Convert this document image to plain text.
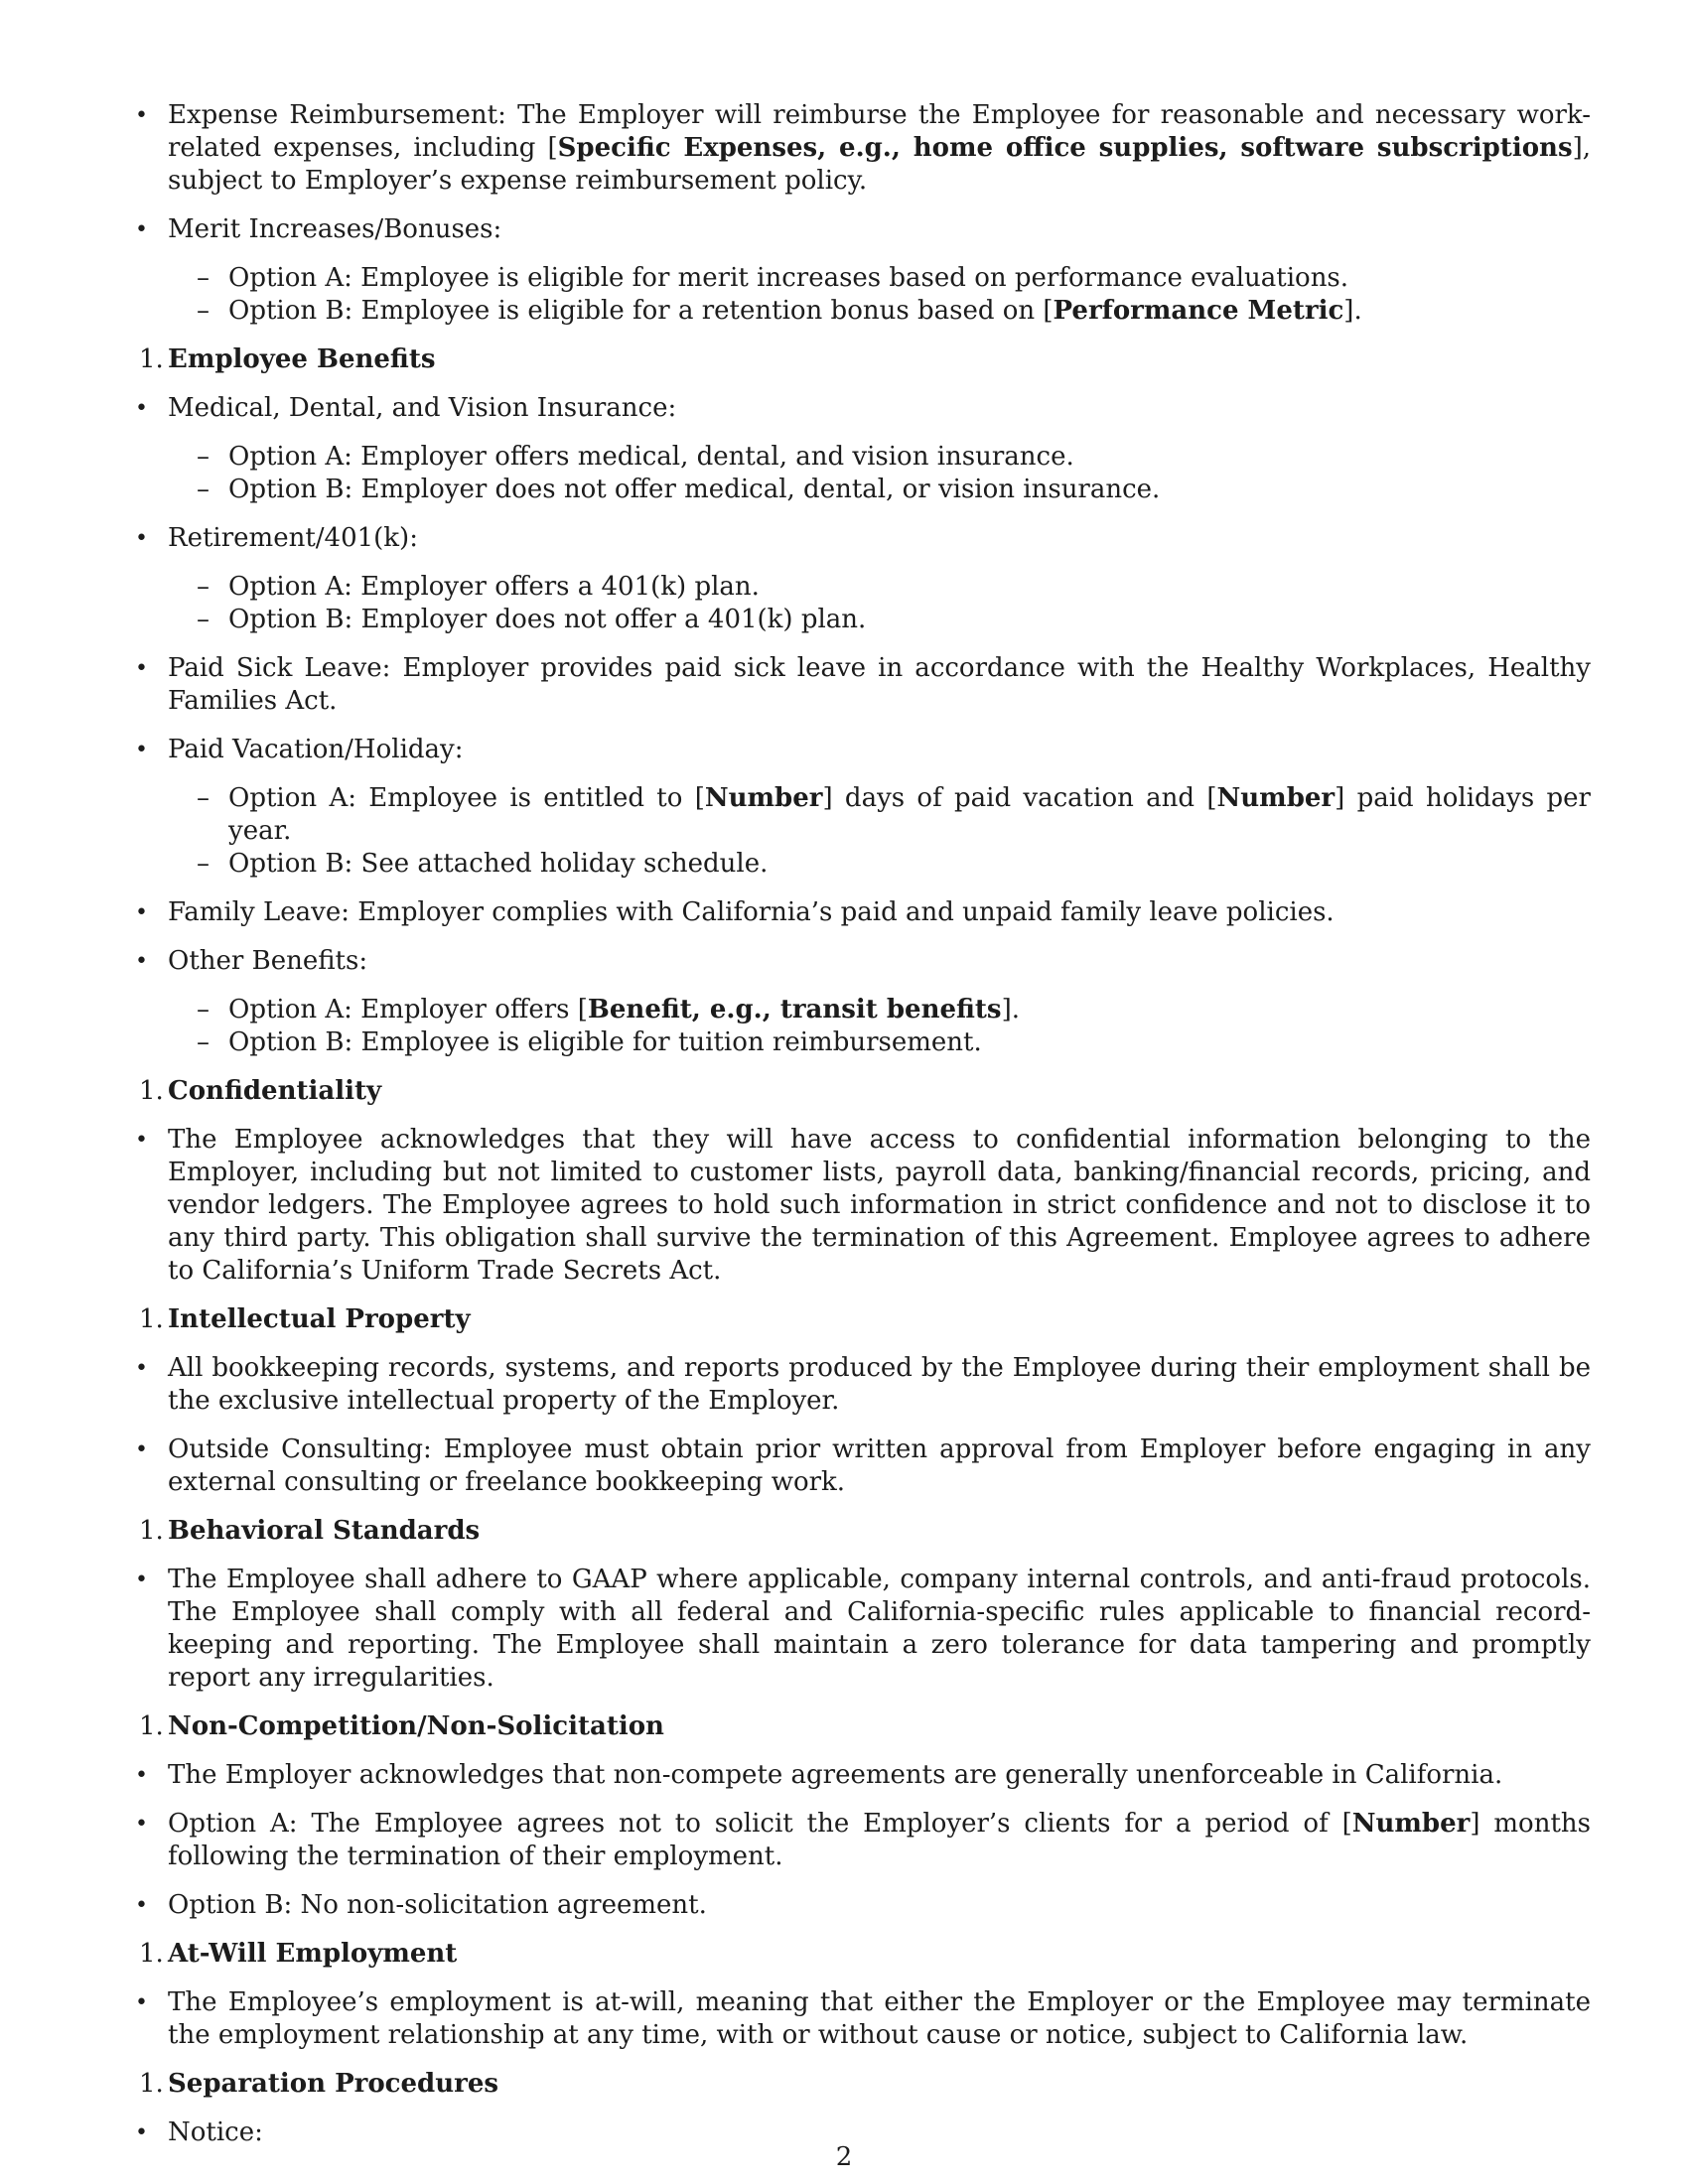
• Expense Reimbursement: The Employer will reimburse the Employee for reasonable and necessary work-related expenses, including [Specific Expenses, e.g., home office supplies, software subscriptions], subject to Employer’s expense reimbursement policy.
• Merit Increases/Bonuses:
– Option A: Employee is eligible for merit increases based on performance evaluations.
– Option B: Employee is eligible for a retention bonus based on [Performance Metric].
1. Employee Benefits
• Medical, Dental, and Vision Insurance:
– Option A: Employer offers medical, dental, and vision insurance.
– Option B: Employer does not offer medical, dental, or vision insurance.
• Retirement/401(k):
– Option A: Employer offers a 401(k) plan.
– Option B: Employer does not offer a 401(k) plan.
• Paid Sick Leave: Employer provides paid sick leave in accordance with the Healthy Workplaces, Healthy Families Act.
• Paid Vacation/Holiday:
– Option A: Employee is entitled to [Number] days of paid vacation and [Number] paid holidays per year.
– Option B: See attached holiday schedule.
• Family Leave: Employer complies with California’s paid and unpaid family leave policies.
• Other Benefits:
– Option A: Employer offers [Benefit, e.g., transit benefits].
– Option B: Employee is eligible for tuition reimbursement.
1. Confidentiality
• The Employee acknowledges that they will have access to confidential information belonging to the Employer, including but not limited to customer lists, payroll data, banking/financial records, pricing, and vendor ledgers. The Employee agrees to hold such information in strict confidence and not to disclose it to any third party. This obligation shall survive the termination of this Agreement. Employee agrees to adhere to California’s Uniform Trade Secrets Act.
1. Intellectual Property
• All bookkeeping records, systems, and reports produced by the Employee during their employment shall be the exclusive intellectual property of the Employer.
• Outside Consulting: Employee must obtain prior written approval from Employer before engaging in any external consulting or freelance bookkeeping work.
1. Behavioral Standards
• The Employee shall adhere to GAAP where applicable, company internal controls, and anti-fraud protocols. The Employee shall comply with all federal and California-specific rules applicable to financial record-keeping and reporting. The Employee shall maintain a zero tolerance for data tampering and promptly report any irregularities.
1. Non-Competition/Non-Solicitation
• The Employer acknowledges that non-compete agreements are generally unenforceable in California.
• Option A: The Employee agrees not to solicit the Employer’s clients for a period of [Number] months following the termination of their employment.
• Option B: No non-solicitation agreement.
1. At-Will Employment
• The Employee’s employment is at-will, meaning that either the Employer or the Employee may terminate the employment relationship at any time, with or without cause or notice, subject to California law.
1. Separation Procedures
• Notice:
2
